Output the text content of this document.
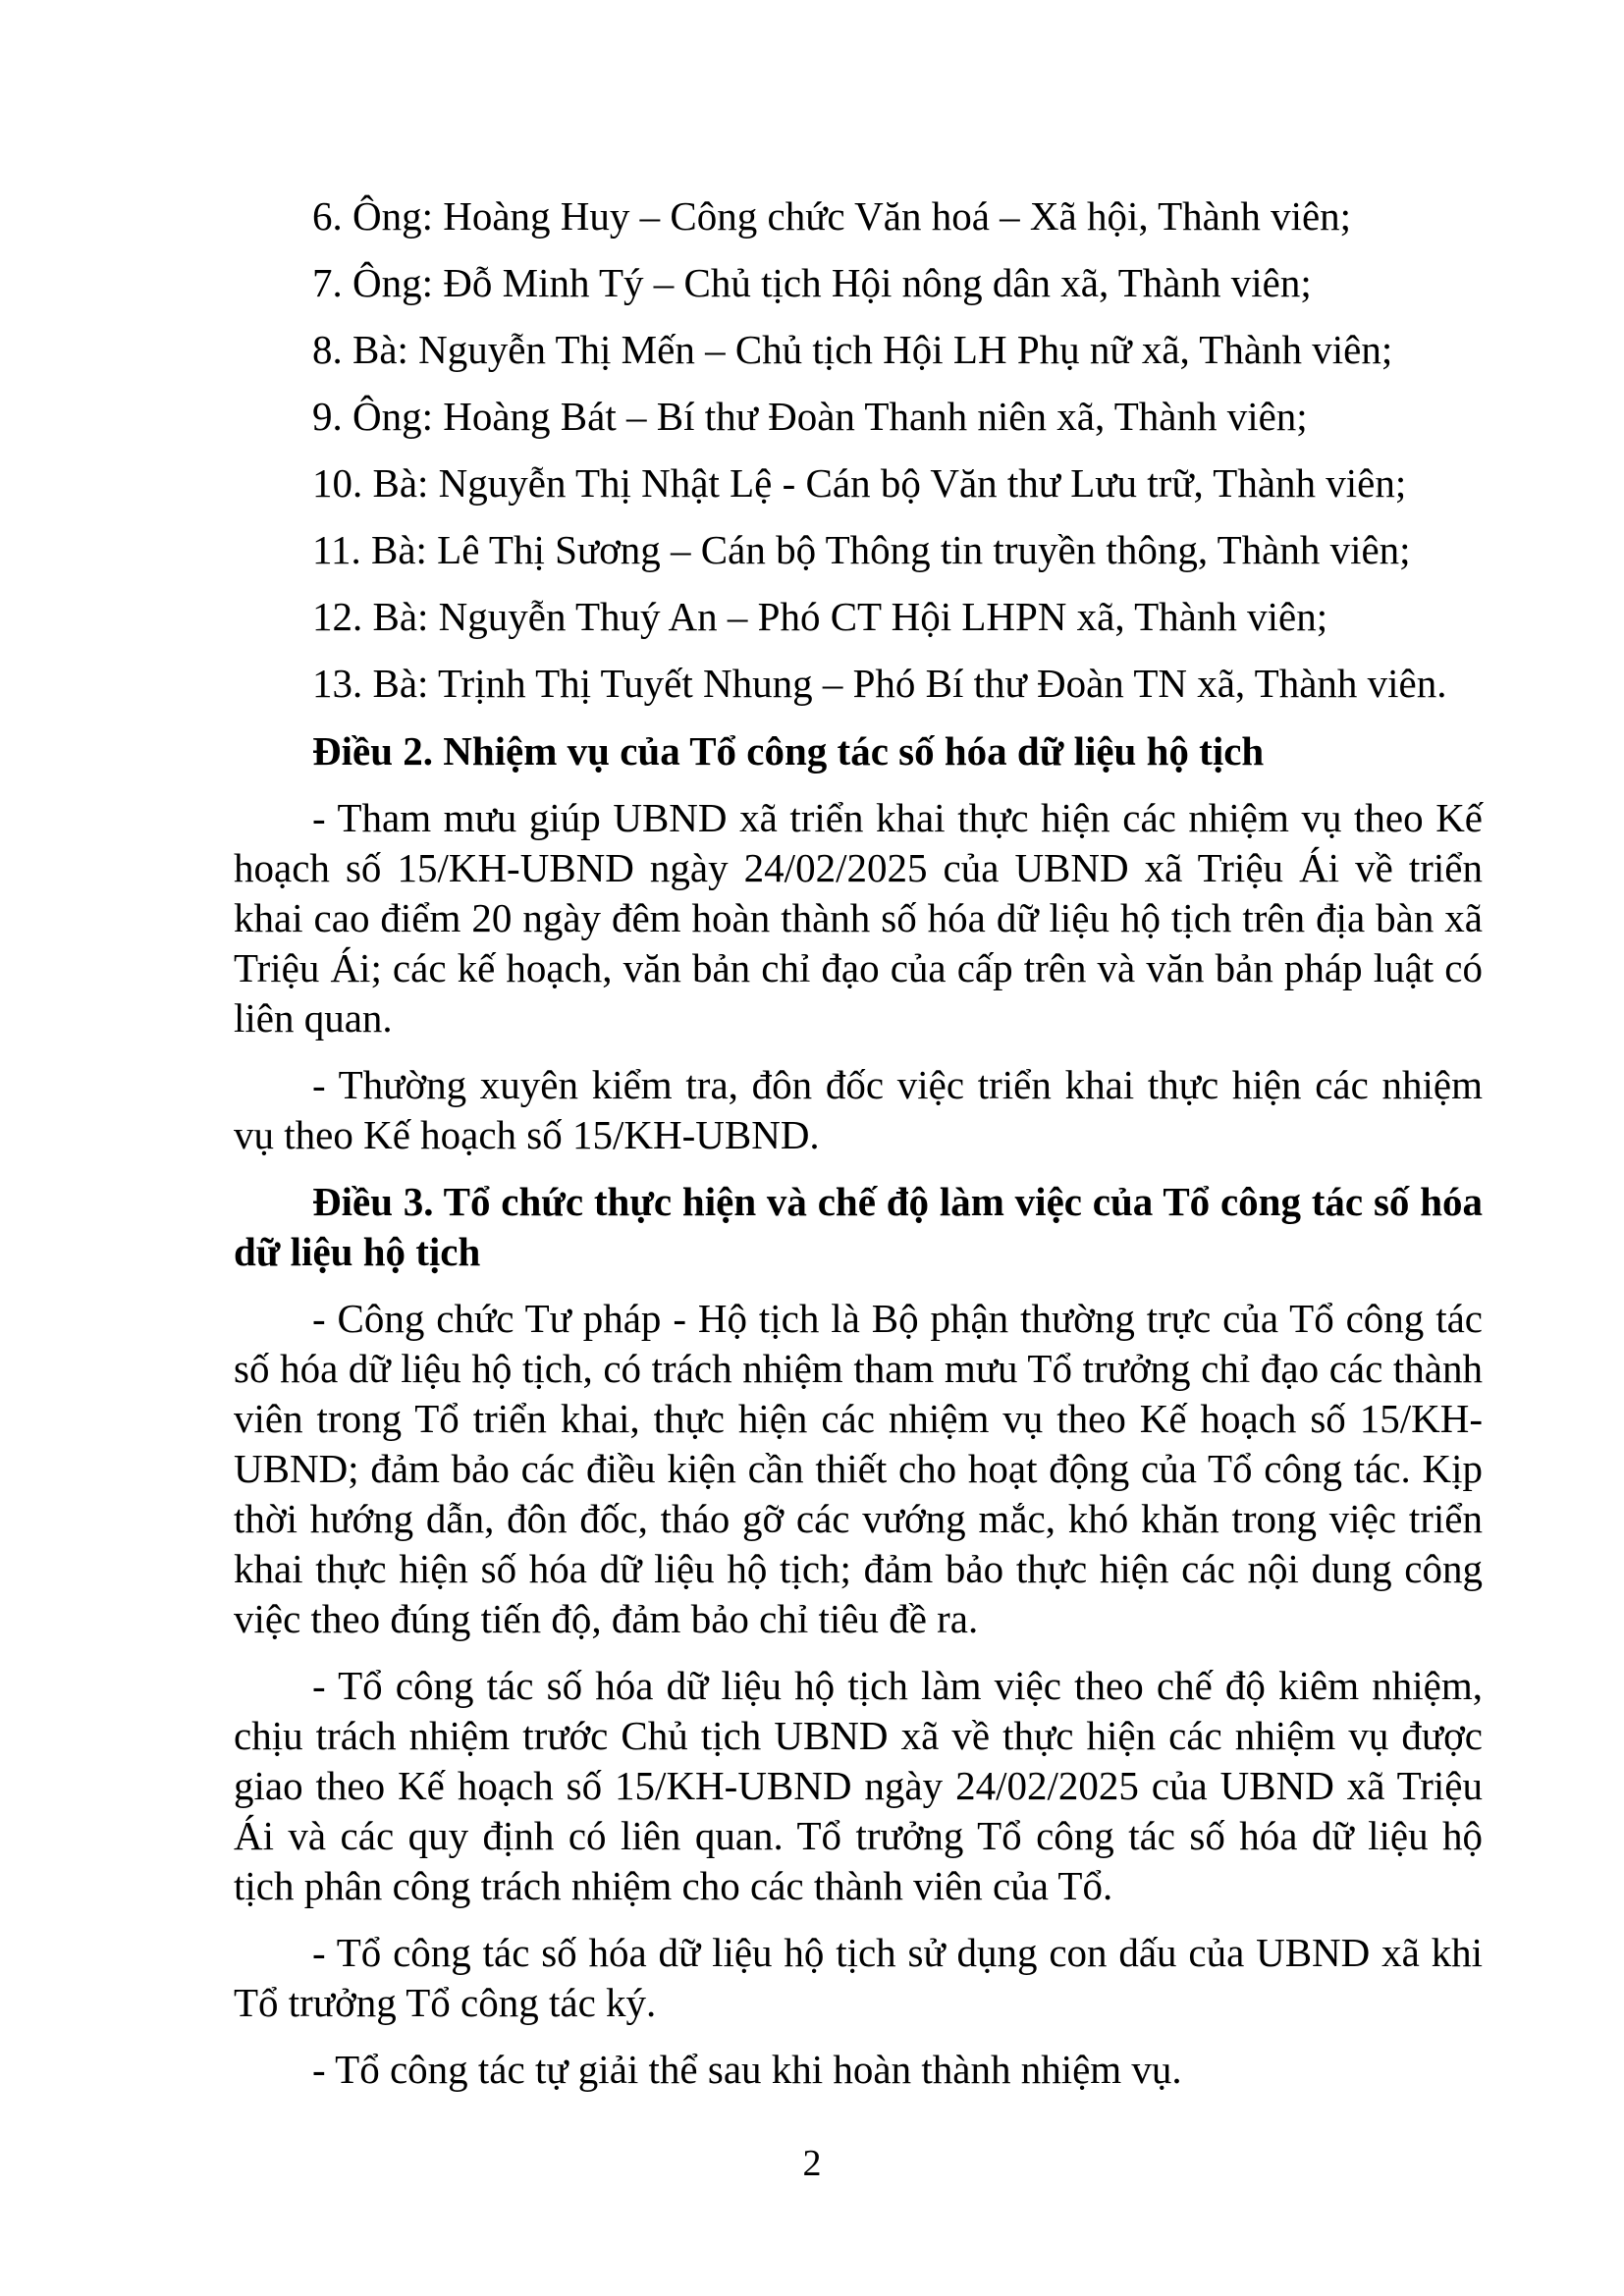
6. Ông: Hoàng Huy – Công chức Văn hoá – Xã hội, Thành viên;
7. Ông: Đỗ Minh Tý – Chủ tịch Hội nông dân xã, Thành viên;
8. Bà: Nguyễn Thị Mến – Chủ tịch Hội LH Phụ nữ xã, Thành viên;
9. Ông: Hoàng Bát – Bí thư Đoàn Thanh niên xã, Thành viên;
10. Bà: Nguyễn Thị Nhật Lệ - Cán bộ Văn thư Lưu trữ, Thành viên;
11. Bà: Lê Thị Sương – Cán bộ Thông tin truyền thông, Thành viên;
12. Bà: Nguyễn Thuý An – Phó CT Hội LHPN xã, Thành viên;
13. Bà: Trịnh Thị Tuyết Nhung – Phó Bí thư Đoàn TN xã, Thành viên.

Điều 2. Nhiệm vụ của Tổ công tác số hóa dữ liệu hộ tịch

- Tham mưu giúp UBND xã triển khai thực hiện các nhiệm vụ theo Kế hoạch số 15/KH-UBND ngày 24/02/2025 của UBND xã Triệu Ái về triển khai cao điểm 20 ngày đêm hoàn thành số hóa dữ liệu hộ tịch trên địa bàn xã Triệu Ái; các kế hoạch, văn bản chỉ đạo của cấp trên và văn bản pháp luật có liên quan.

- Thường xuyên kiểm tra, đôn đốc việc triển khai thực hiện các nhiệm vụ theo Kế hoạch số 15/KH-UBND.

Điều 3. Tổ chức thực hiện và chế độ làm việc của Tổ công tác số hóa dữ liệu hộ tịch

- Công chức Tư pháp - Hộ tịch là Bộ phận thường trực của Tổ công tác số hóa dữ liệu hộ tịch, có trách nhiệm tham mưu Tổ trưởng chỉ đạo các thành viên trong Tổ triển khai, thực hiện các nhiệm vụ theo Kế hoạch số 15/KH-UBND; đảm bảo các điều kiện cần thiết cho hoạt động của Tổ công tác. Kịp thời hướng dẫn, đôn đốc, tháo gỡ các vướng mắc, khó khăn trong việc triển khai thực hiện số hóa dữ liệu hộ tịch; đảm bảo thực hiện các nội dung công việc theo đúng tiến độ, đảm bảo chỉ tiêu đề ra.

- Tổ công tác số hóa dữ liệu hộ tịch làm việc theo chế độ kiêm nhiệm, chịu trách nhiệm trước Chủ tịch UBND xã về thực hiện các nhiệm vụ được giao theo Kế hoạch số 15/KH-UBND ngày 24/02/2025 của UBND xã Triệu Ái và các quy định có liên quan. Tổ trưởng Tổ công tác số hóa dữ liệu hộ tịch phân công trách nhiệm cho các thành viên của Tổ.

- Tổ công tác số hóa dữ liệu hộ tịch sử dụng con dấu của UBND xã khi Tổ trưởng Tổ công tác ký.

- Tổ công tác tự giải thể sau khi hoàn thành nhiệm vụ.

2
